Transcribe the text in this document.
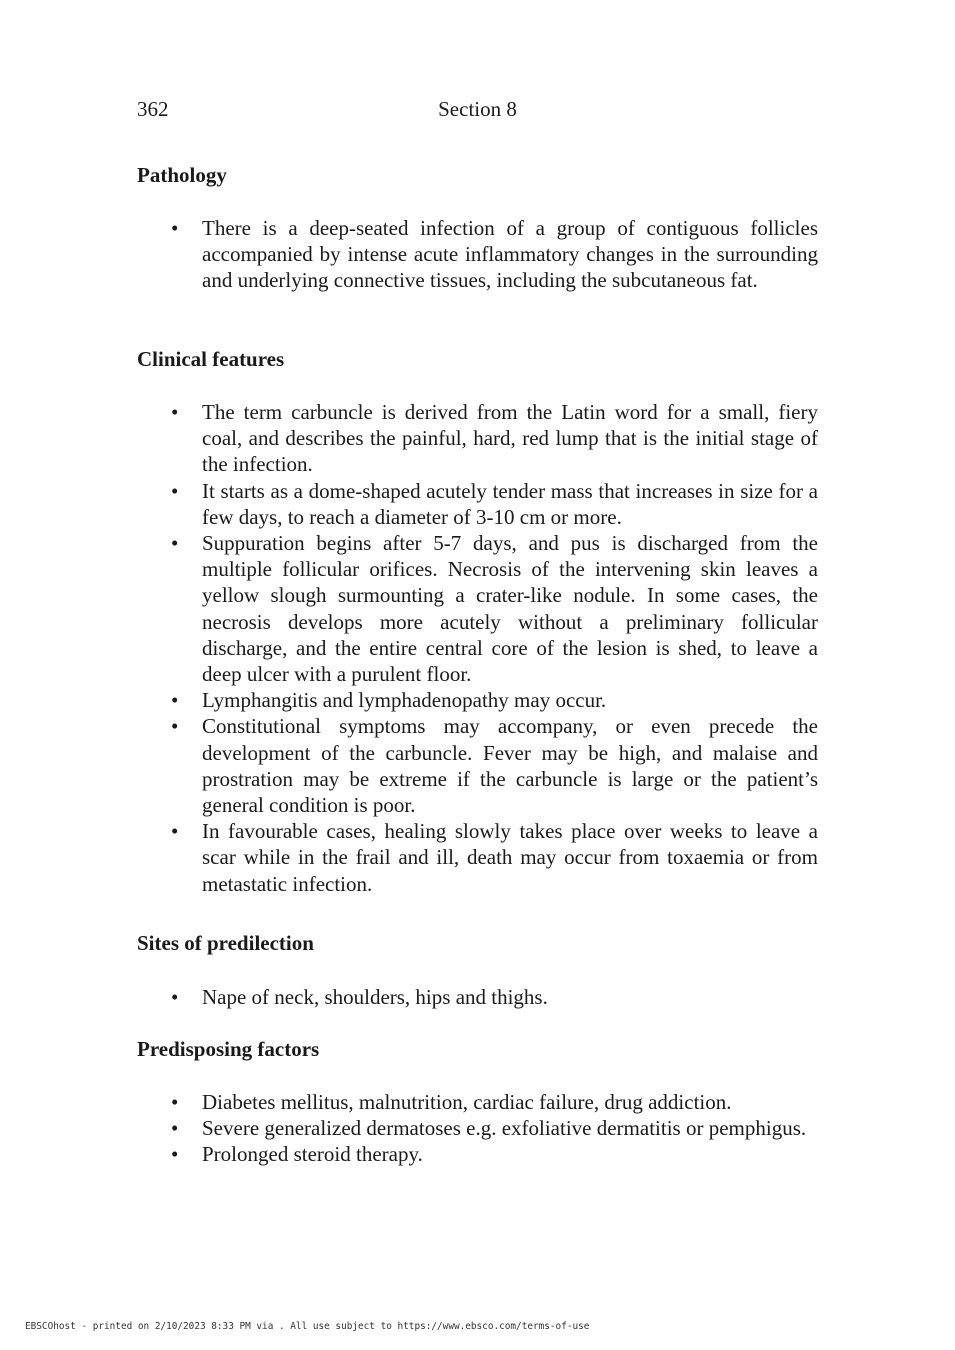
362	Section 8
Pathology
• There is a deep-seated infection of a group of contiguous follicles accompanied by intense acute inflammatory changes in the surrounding and underlying connective tissues, including the subcutaneous fat.
Clinical features
• The term carbuncle is derived from the Latin word for a small, fiery coal, and describes the painful, hard, red lump that is the initial stage of the infection.
• It starts as a dome-shaped acutely tender mass that increases in size for a few days, to reach a diameter of 3-10 cm or more.
• Suppuration begins after 5-7 days, and pus is discharged from the multiple follicular orifices. Necrosis of the intervening skin leaves a yellow slough surmounting a crater-like nodule. In some cases, the necrosis develops more acutely without a preliminary follicular discharge, and the entire central core of the lesion is shed, to leave a deep ulcer with a purulent floor.
• Lymphangitis and lymphadenopathy may occur.
• Constitutional symptoms may accompany, or even precede the development of the carbuncle. Fever may be high, and malaise and prostration may be extreme if the carbuncle is large or the patient’s general condition is poor.
• In favourable cases, healing slowly takes place over weeks to leave a scar while in the frail and ill, death may occur from toxaemia or from metastatic infection.
Sites of predilection
• Nape of neck, shoulders, hips and thighs.
Predisposing factors
• Diabetes mellitus, malnutrition, cardiac failure, drug addiction.
• Severe generalized dermatoses e.g. exfoliative dermatitis or pemphigus.
• Prolonged steroid therapy.
EBSCOhost - printed on 2/10/2023 8:33 PM via . All use subject to https://www.ebsco.com/terms-of-use
